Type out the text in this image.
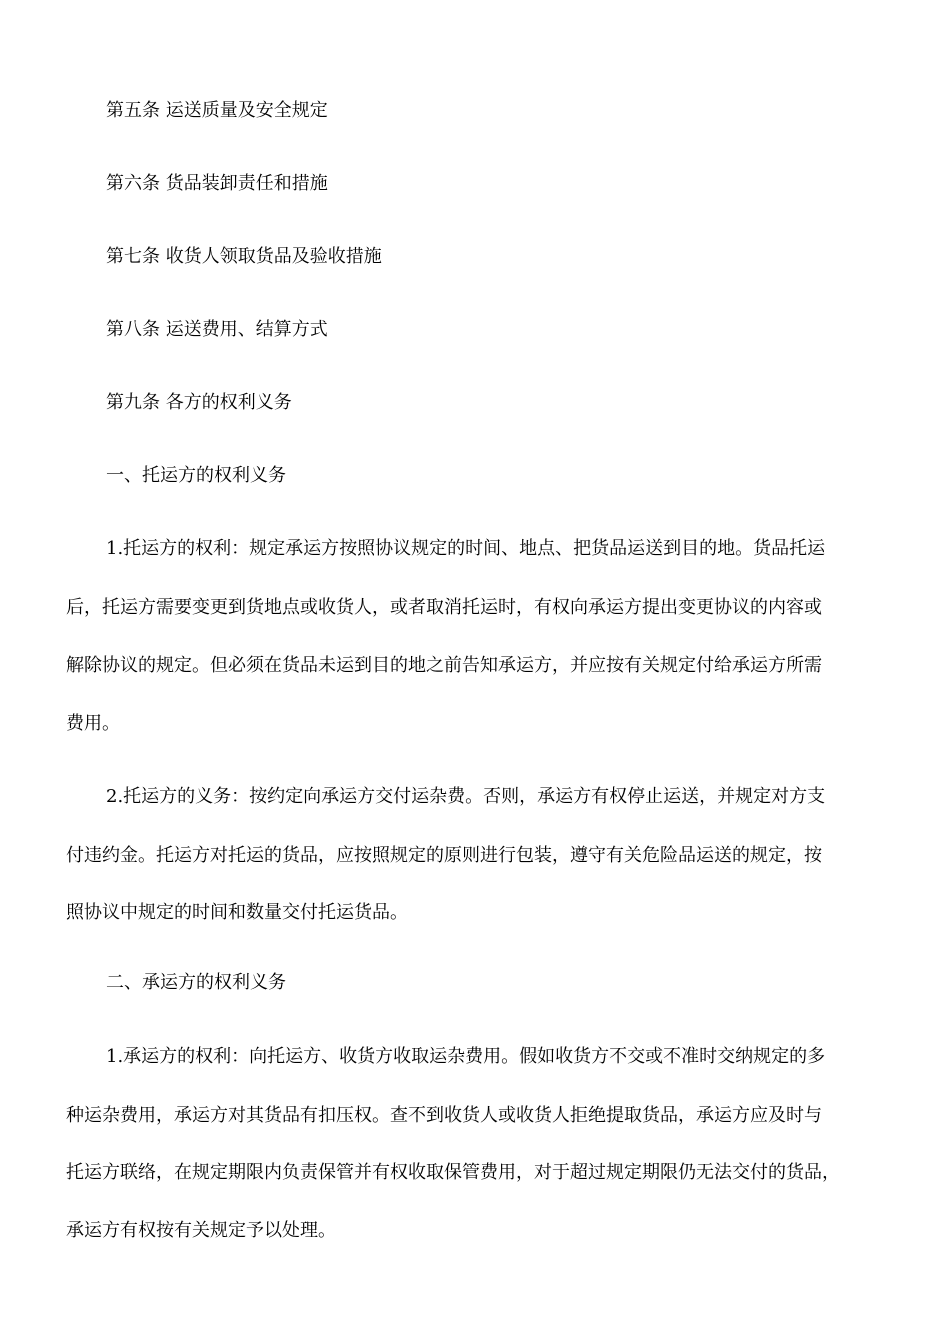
第五条 运送质量及安全规定
第六条 货品装卸责任和措施
第七条 收货人领取货品及验收措施
第八条 运送费用、结算方式
第九条 各方的权利义务
一、托运方的权利义务
1.托运方的权利：规定承运方按照协议规定的时间、地点、把货品运送到目的地。货品托运
后，托运方需要变更到货地点或收货人，或者取消托运时，有权向承运方提出变更协议的内容或
解除协议的规定。但必须在货品未运到目的地之前告知承运方，并应按有关规定付给承运方所需
费用。
2.托运方的义务：按约定向承运方交付运杂费。否则，承运方有权停止运送，并规定对方支
付违约金。托运方对托运的货品，应按照规定的原则进行包装，遵守有关危险品运送的规定，按
照协议中规定的时间和数量交付托运货品。
二、承运方的权利义务
1.承运方的权利：向托运方、收货方收取运杂费用。假如收货方不交或不准时交纳规定的多
种运杂费用，承运方对其货品有扣压权。查不到收货人或收货人拒绝提取货品，承运方应及时与
托运方联络，在规定期限内负责保管并有权收取保管费用，对于超过规定期限仍无法交付的货品，
承运方有权按有关规定予以处理。
